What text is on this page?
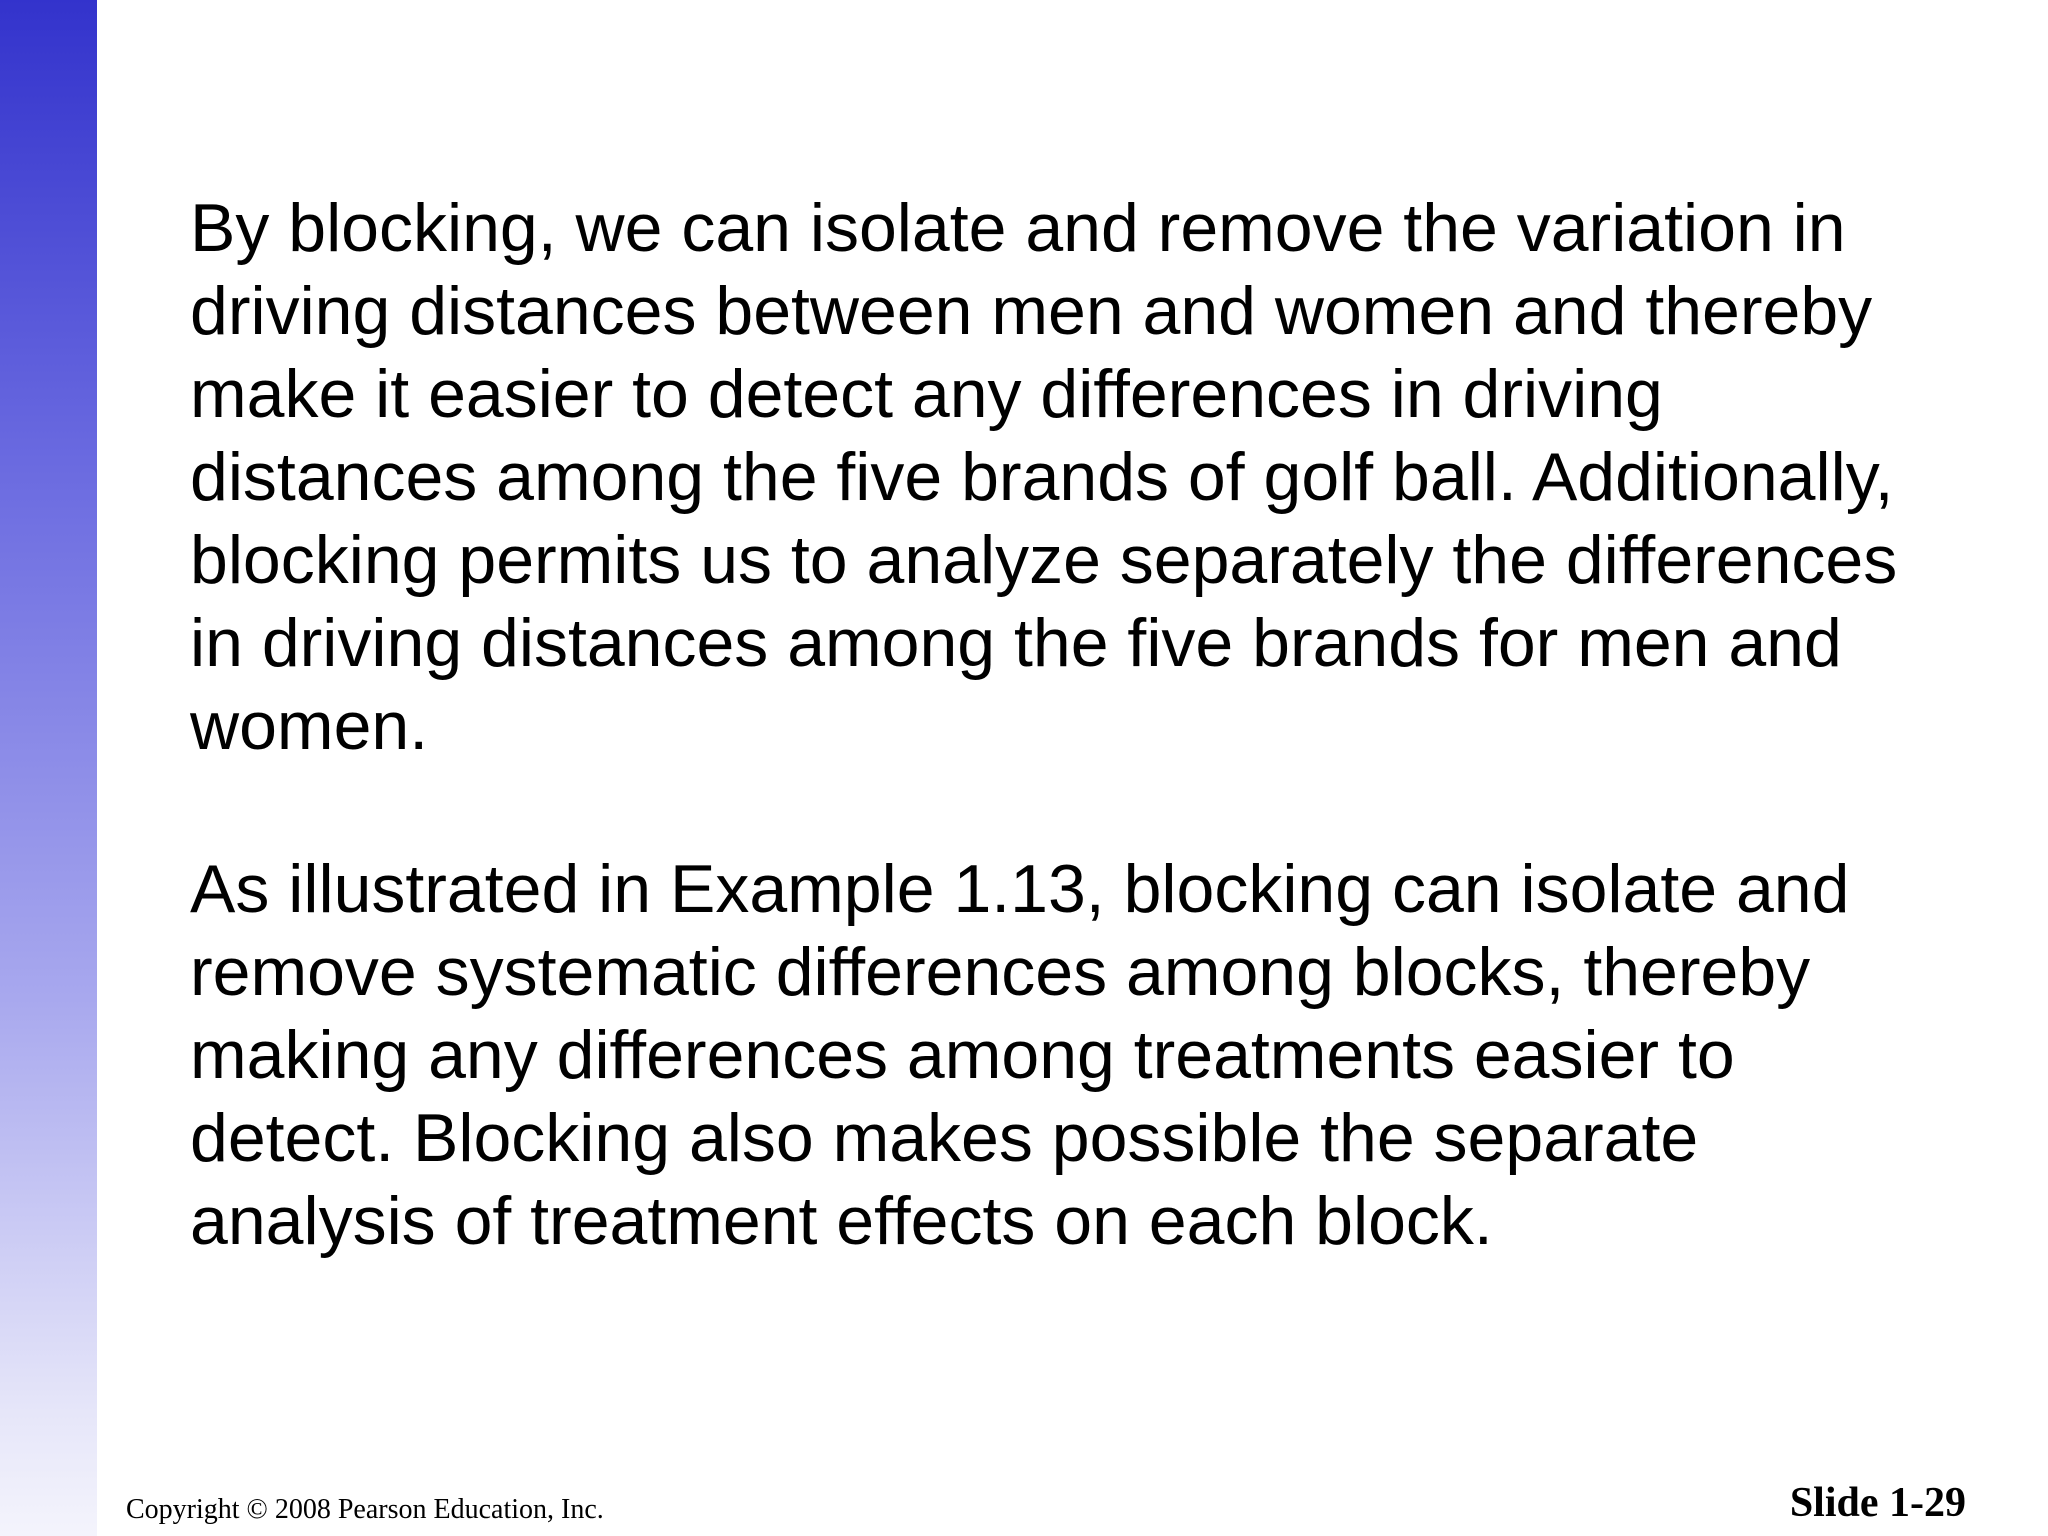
By blocking, we can isolate and remove the variation in
driving distances between men and women and thereby
make it easier to detect any differences in driving
distances among the five brands of golf ball. Additionally,
blocking permits us to analyze separately the differences
in driving distances among the five brands for men and
women.

As illustrated in Example 1.13, blocking can isolate and
remove systematic differences among blocks, thereby
making any differences among treatments easier to
detect. Blocking also makes possible the separate
analysis of treatment effects on each block.

Copyright © 2008 Pearson Education, Inc.	Slide 1-29
